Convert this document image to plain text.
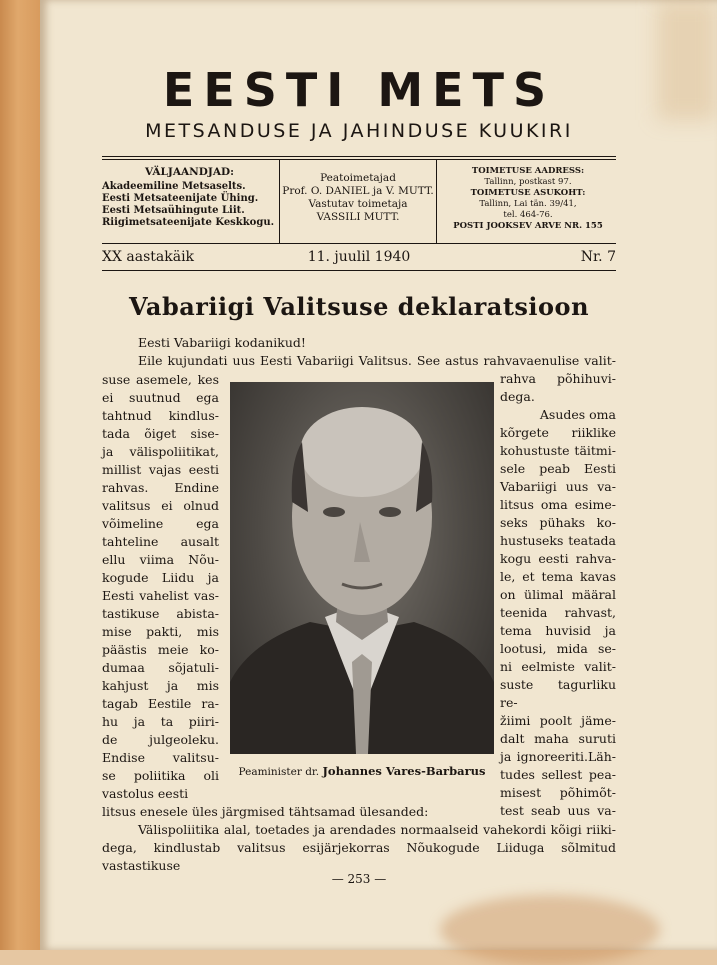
EESTI METS
METSANDUSE JA JAHINDUSE KUUKIRI
VÄLJAANDJAD:
Akadeemiline Metsaselts.
Eesti Metsateenijate Ühing.
Eesti Metsaühingute Liit.
Riigimetsateenijate Keskkogu.
Peatoimetajad
Prof. O. DANIEL ja V. MUTT.
Vastutav toimetaja
VASSILI MUTT.
TOIMETUSE AADRESS:
Tallinn, postkast 97.
TOIMETUSE ASUKOHT:
Tallinn, Lai tän. 39/41,
tel. 464-76.
POSTI JOOKSEV ARVE NR. 155
XX aastakäik	11. juulil 1940	Nr. 7
Vabariigi Valitsuse deklaratsioon
Eesti Vabariigi kodanikud!
Eile kujundati uus Eesti Vabariigi Valitsus. See astus rahvavaenulise valit-
suse asemele, kes
ei suutnud ega
tahtnud kindlus-
tada õiget sise-
ja välispoliitikat,
millist vajas eesti
rahvas. Endine
valitsus ei olnud
võimeline ega
tahteline ausalt
ellu viima Nõu-
kogude Liidu ja
Eesti vahelist vas-
tastikuse abista-
mise pakti, mis
päästis meie ko-
dumaa sõjatuli-
kahjust ja mis
tagab Eestile ra-
hu ja ta piiri-
de julgeoleku.
Endise valitsu-
se poliitika oli
vastolus eesti
rahva põhihuvi-
dega.
Asudes oma
kõrgete riiklike
kohustuste täitmi-
sele peab Eesti
Vabariigi uus va-
litsus oma esime-
seks pühaks ko-
hustuseks teatada
kogu eesti rahva-
le, et tema kavas
on ülimal määral
teenida rahvast,
tema huvisid ja
lootusi, mida se-
ni eelmiste valit-
suste tagurliku re-
žiimi poolt jäme-
dalt maha suruti
ja ignoreeriti.Läh-
tudes sellest pea-
misest põhimõt-
test seab uus va-
Peaminister dr. Johannes Vares-Barbarus
litsus enesele üles järgmised tähtsamad ülesanded:
Välispoliitika alal, toetades ja arendades normaalseid vahekordi kõigi riiki-
dega, kindlustab valitsus esijärjekorras Nõukogude Liiduga sõlmitud vastastikuse
— 253 —
